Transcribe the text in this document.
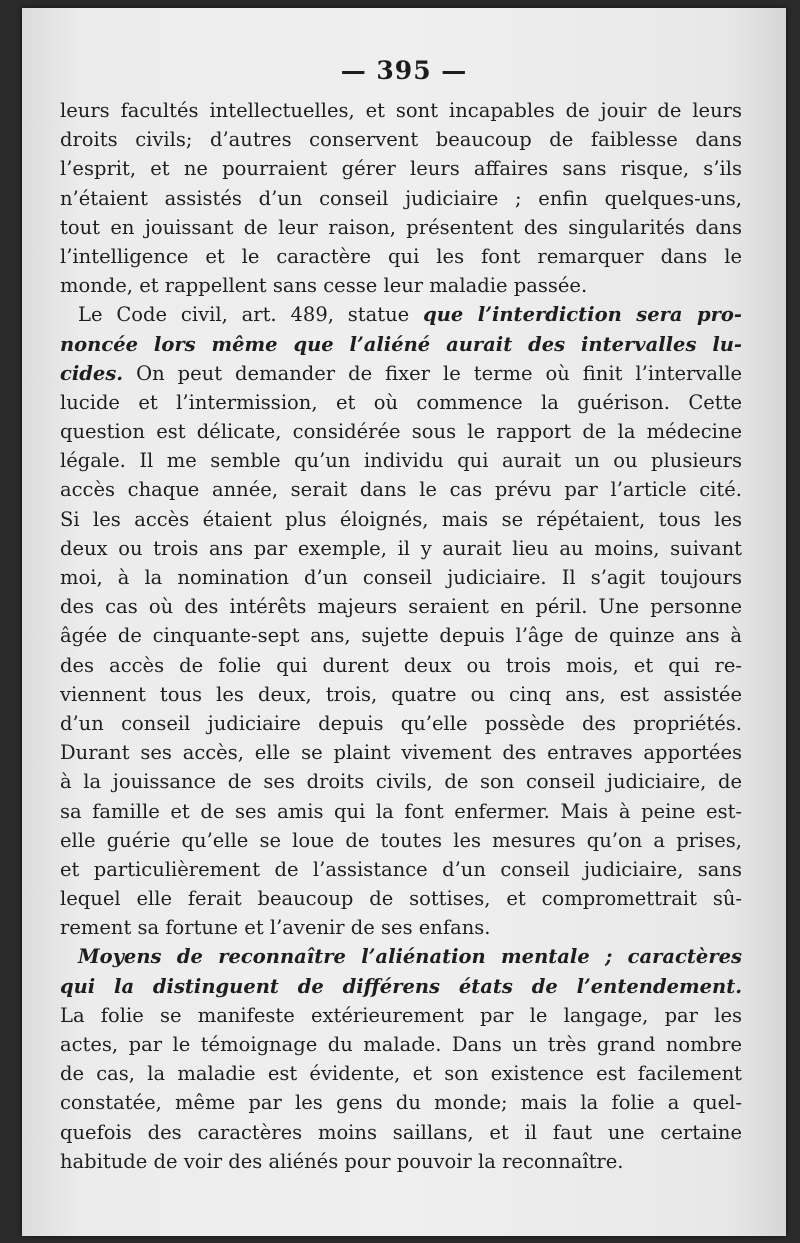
— 395 —
leurs facultés intellectuelles, et sont incapables de jouir de leurs
droits civils; d’autres conservent beaucoup de faiblesse dans
l’esprit, et ne pourraient gérer leurs affaires sans risque, s’ils
n’étaient assistés d’un conseil judiciaire ; enfin quelques-uns,
tout en jouissant de leur raison, présentent des singularités dans
l’intelligence et le caractère qui les font remarquer dans le
monde, et rappellent sans cesse leur maladie passée.
Le Code civil, art. 489, statue que l’interdiction sera pro-
noncée lors même que l’aliéné aurait des intervalles lu-
cides. On peut demander de fixer le terme où finit l’intervalle
lucide et l’intermission, et où commence la guérison. Cette
question est délicate, considérée sous le rapport de la médecine
légale. Il me semble qu’un individu qui aurait un ou plusieurs
accès chaque année, serait dans le cas prévu par l’article cité.
Si les accès étaient plus éloignés, mais se répétaient, tous les
deux ou trois ans par exemple, il y aurait lieu au moins, suivant
moi, à la nomination d’un conseil judiciaire. Il s’agit toujours
des cas où des intérêts majeurs seraient en péril. Une personne
âgée de cinquante-sept ans, sujette depuis l’âge de quinze ans à
des accès de folie qui durent deux ou trois mois, et qui re-
viennent tous les deux, trois, quatre ou cinq ans, est assistée
d’un conseil judiciaire depuis qu’elle possède des propriétés.
Durant ses accès, elle se plaint vivement des entraves apportées
à la jouissance de ses droits civils, de son conseil judiciaire, de
sa famille et de ses amis qui la font enfermer. Mais à peine est-
elle guérie qu’elle se loue de toutes les mesures qu’on a prises,
et particulièrement de l’assistance d’un conseil judiciaire, sans
lequel elle ferait beaucoup de sottises, et compromettrait sû-
rement sa fortune et l’avenir de ses enfans.
Moyens de reconnaître l’aliénation mentale ; caractères
qui la distinguent de différens états de l’entendement.
La folie se manifeste extérieurement par le langage, par les
actes, par le témoignage du malade. Dans un très grand nombre
de cas, la maladie est évidente, et son existence est facilement
constatée, même par les gens du monde; mais la folie a quel-
quefois des caractères moins saillans, et il faut une certaine
habitude de voir des aliénés pour pouvoir la reconnaître.
